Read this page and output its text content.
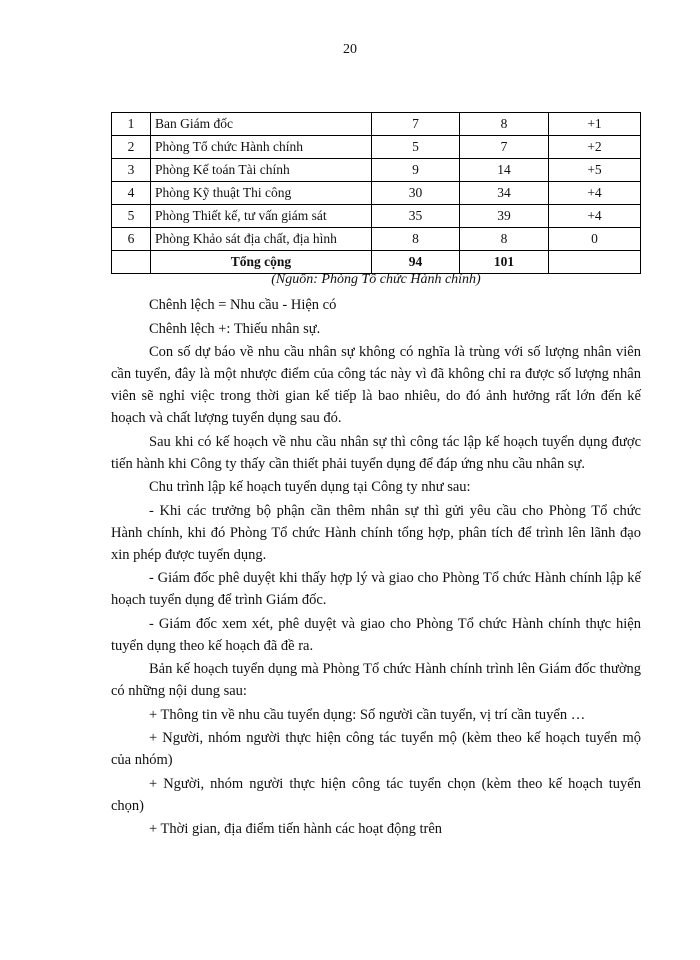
20
1	Ban Giám đốc	7	8	+1
2	Phòng Tổ chức Hành chính	5	7	+2
3	Phòng Kế toán Tài chính	9	14	+5
4	Phòng Kỹ thuật Thi công	30	34	+4
5	Phòng Thiết kế, tư vấn giám sát	35	39	+4
6	Phòng Khảo sát địa chất, địa hình	8	8	0
	Tổng cộng	94	101	
(Nguồn: Phòng Tổ chức Hành chính)

Chênh lệch = Nhu cầu - Hiện có

Chênh lệch +: Thiếu nhân sự.

Con số dự báo về nhu cầu nhân sự không có nghĩa là trùng với số lượng nhân viên cần tuyển, đây là một nhược điểm của công tác này vì đã không chỉ ra được số lượng nhân viên sẽ nghỉ việc trong thời gian kế tiếp là bao nhiêu, do đó ảnh hưởng rất lớn đến kế hoạch và chất lượng tuyển dụng sau đó.

Sau khi có kế hoạch về nhu cầu nhân sự thì công tác lập kế hoạch tuyển dụng được tiến hành khi Công ty thấy cần thiết phải tuyển dụng để đáp ứng nhu cầu nhân sự.

Chu trình lập kế hoạch tuyển dụng tại Công ty như sau:

- Khi các trưởng bộ phận cần thêm nhân sự thì gửi yêu cầu cho Phòng Tổ chức Hành chính, khi đó Phòng Tổ chức Hành chính tổng hợp, phân tích để trình lên lãnh đạo xin phép được tuyển dụng.

- Giám đốc phê duyệt khi thấy hợp lý và giao cho Phòng Tổ chức Hành chính lập kế hoạch tuyển dụng để trình Giám đốc.

- Giám đốc xem xét, phê duyệt và giao cho Phòng Tổ chức Hành chính thực hiện tuyển dụng theo kế hoạch đã đề ra.

Bản kế hoạch tuyển dụng mà Phòng Tổ chức Hành chính trình lên Giám đốc thường có những nội dung sau:

+ Thông tin về nhu cầu tuyển dụng: Số người cần tuyển, vị trí cần tuyển …

+ Người, nhóm người thực hiện công tác tuyển mộ (kèm theo kế hoạch tuyển mộ của nhóm)

+ Người, nhóm người thực hiện công tác tuyển chọn (kèm theo kế hoạch tuyển chọn)

+ Thời gian, địa điểm tiến hành các hoạt động trên
